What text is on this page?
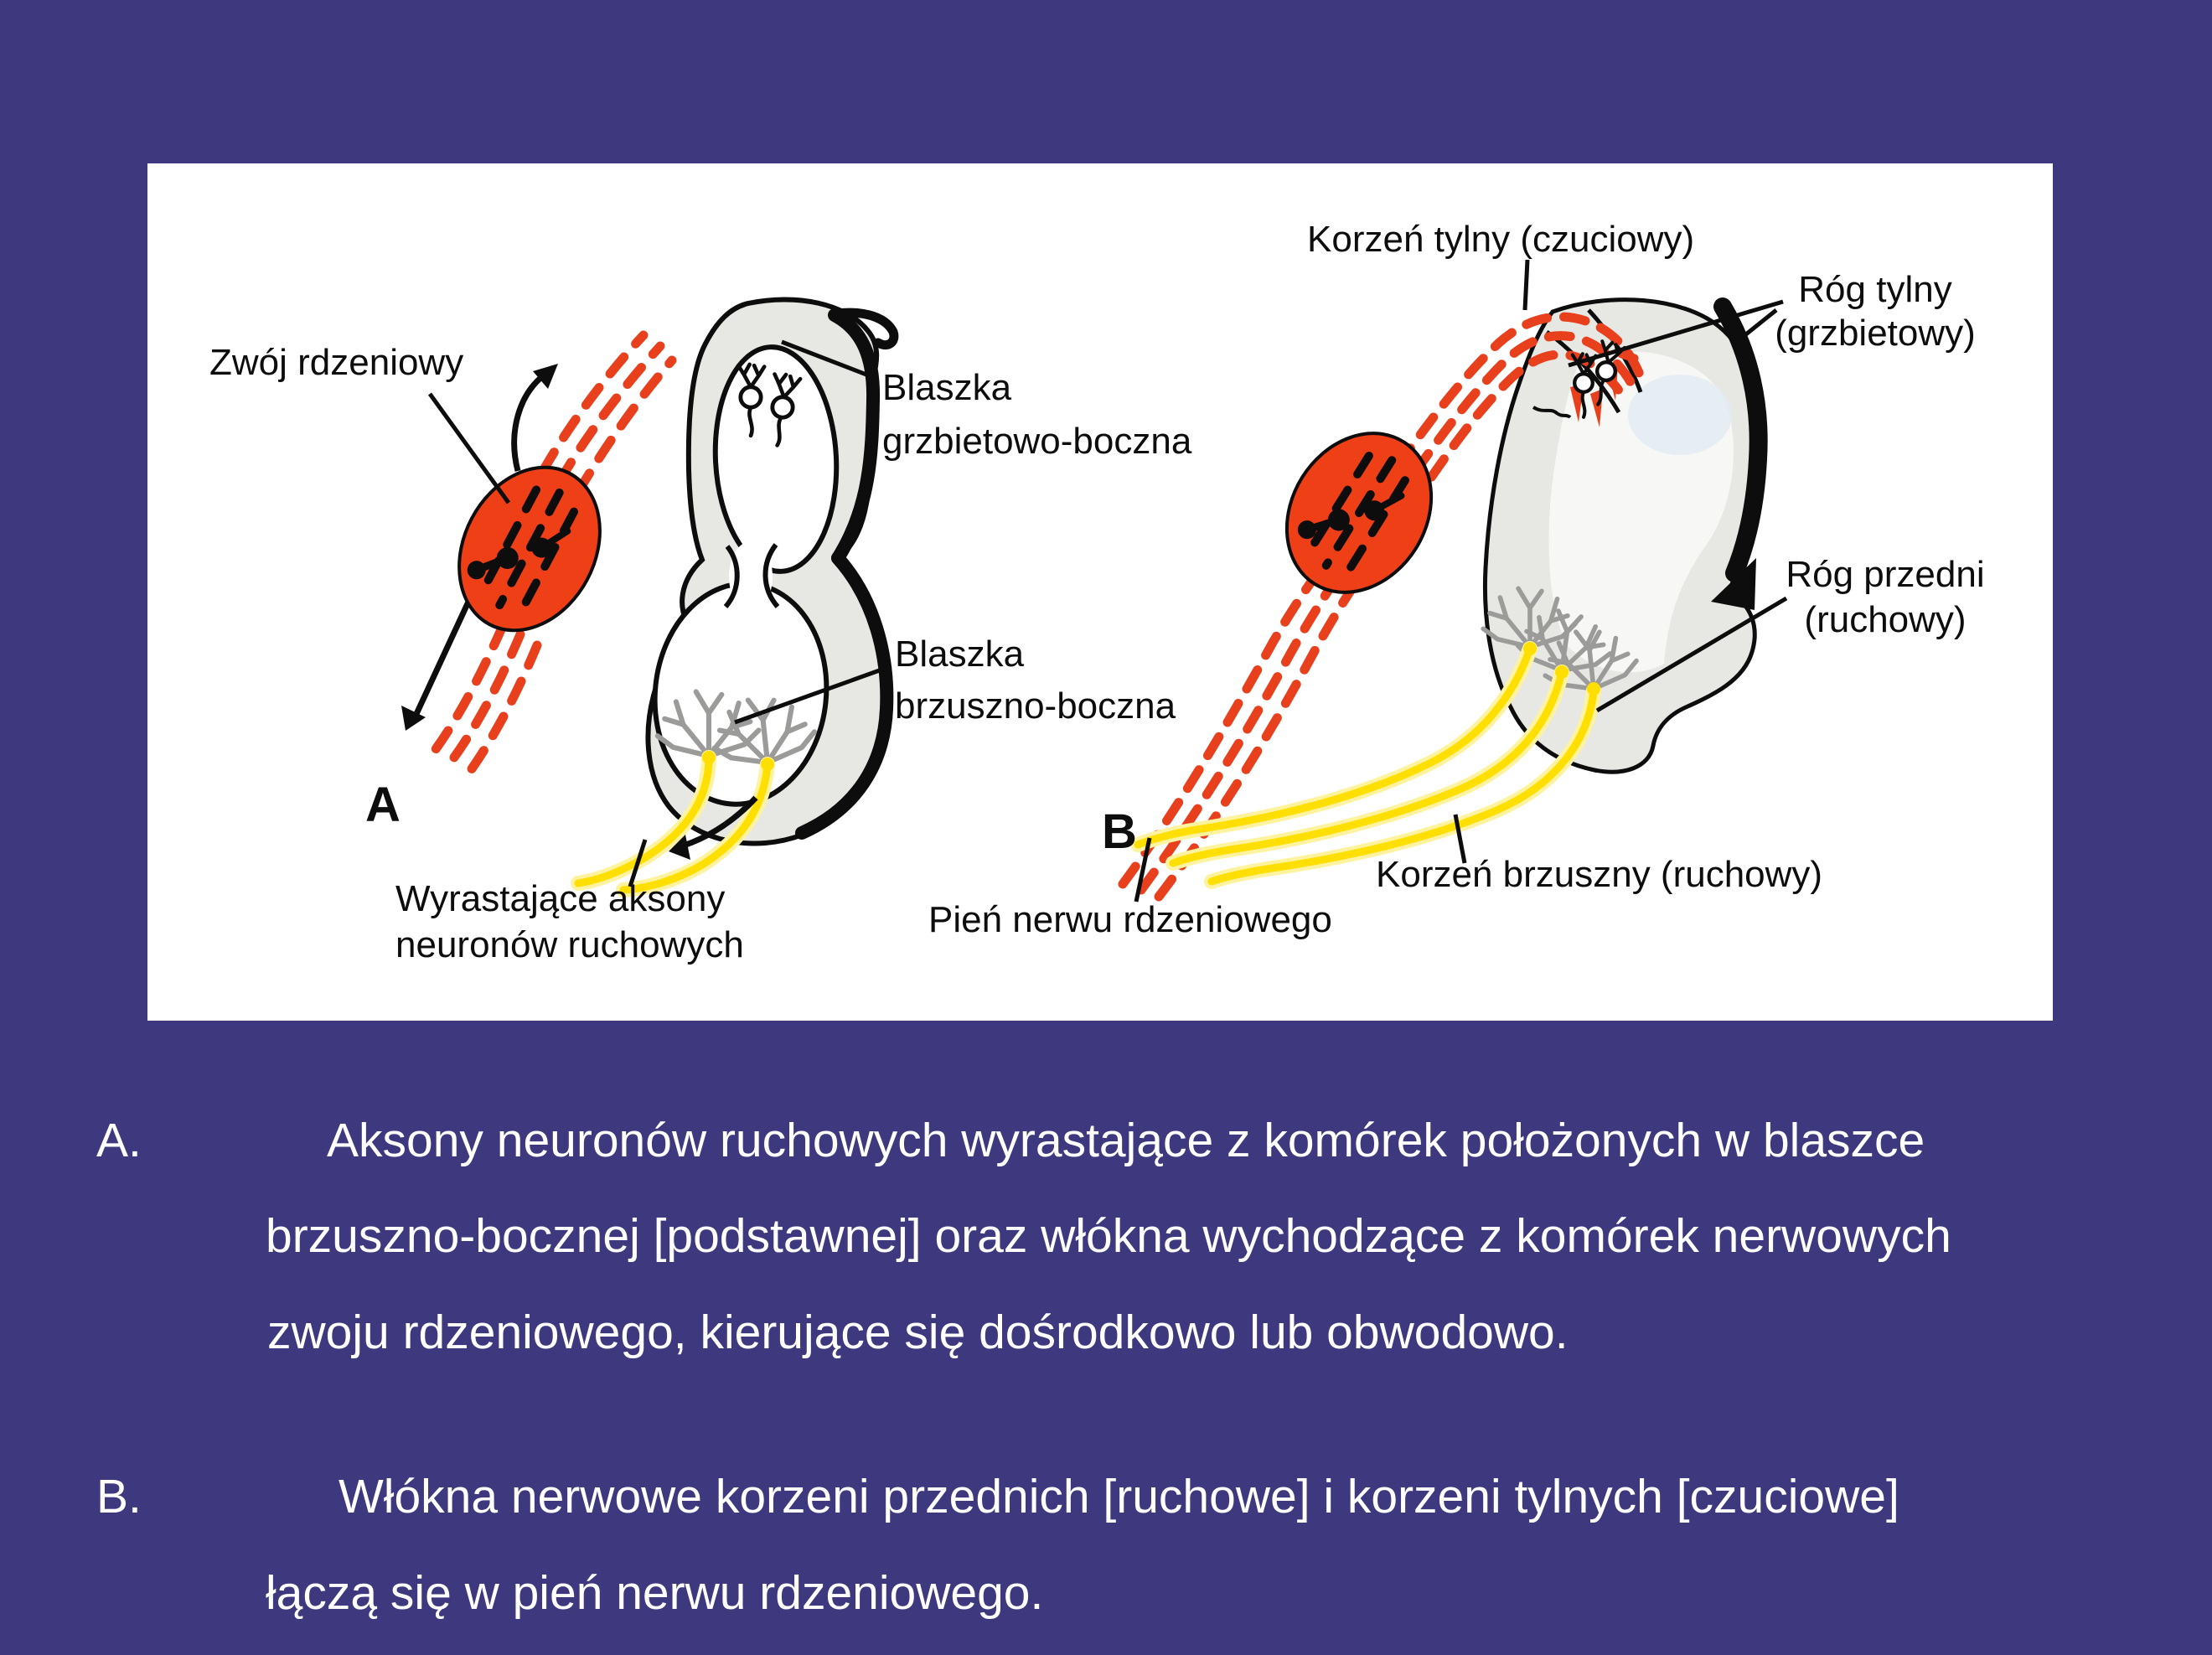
Zwój rdzeniowy
Blaszka
grzbietowo-boczna
Blaszka
brzuszno-boczna
Wyrastające aksony
neuronów ruchowych
A
Korzeń tylny (czuciowy)
Róg tylny
(grzbietowy)
Róg przedni
(ruchowy)
Korzeń brzuszny (ruchowy)
Pień nerwu rdzeniowego
B
A.	Aksony neuronów ruchowych wyrastające z komórek położonych w blaszce
brzuszno-bocznej [podstawnej] oraz włókna wychodzące z komórek nerwowych
zwoju rdzeniowego, kierujące się dośrodkowo lub obwodowo.
B.	Włókna nerwowe korzeni przednich [ruchowe] i korzeni tylnych [czuciowe]
łączą się w pień nerwu rdzeniowego.
